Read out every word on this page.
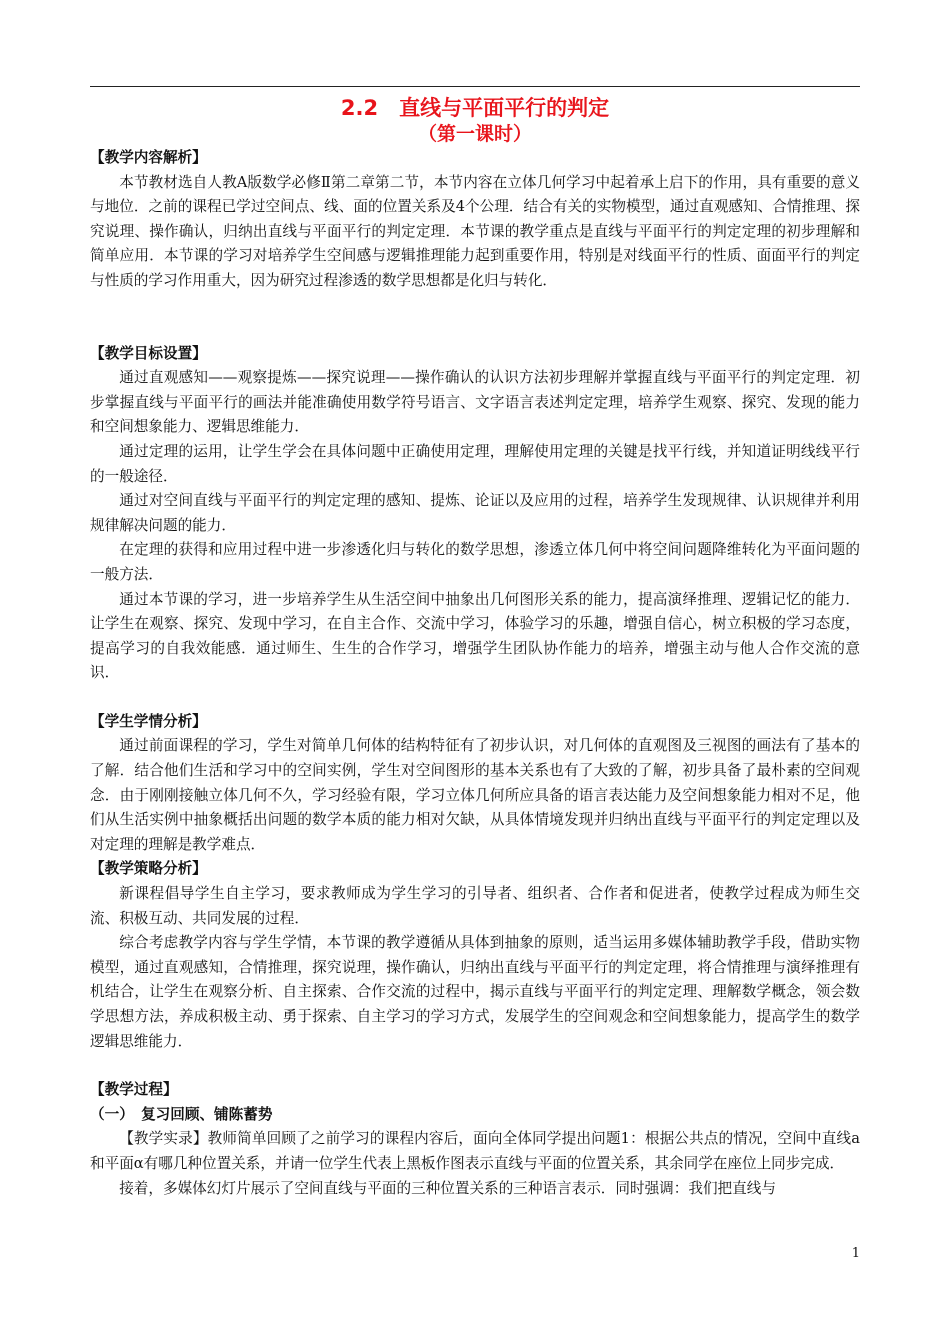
2.2　直线与平面平行的判定
（第一课时）
【教学内容解析】

本节教材选自人教A版数学必修Ⅱ第二章第二节，本节内容在立体几何学习中起着承上启下的作用，具有重要的意义与地位．之前的课程已学过空间点、线、面的位置关系及4个公理．结合有关的实物模型，通过直观感知、合情推理、探究说理、操作确认，归纳出直线与平面平行的判定定理．本节课的教学重点是直线与平面平行的判定定理的初步理解和简单应用．本节课的学习对培养学生空间感与逻辑推理能力起到重要作用，特别是对线面平行的性质、面面平行的判定与性质的学习作用重大，因为研究过程渗透的数学思想都是化归与转化．

【教学目标设置】

通过直观感知——观察提炼——探究说理——操作确认的认识方法初步理解并掌握直线与平面平行的判定定理．初步掌握直线与平面平行的画法并能准确使用数学符号语言、文字语言表述判定定理，培养学生观察、探究、发现的能力和空间想象能力、逻辑思维能力．

通过定理的运用，让学生学会在具体问题中正确使用定理，理解使用定理的关键是找平行线，并知道证明线线平行的一般途径．

通过对空间直线与平面平行的判定定理的感知、提炼、论证以及应用的过程，培养学生发现规律、认识规律并利用规律解决问题的能力．

在定理的获得和应用过程中进一步渗透化归与转化的数学思想，渗透立体几何中将空间问题降维转化为平面问题的一般方法．

通过本节课的学习，进一步培养学生从生活空间中抽象出几何图形关系的能力，提高演绎推理、逻辑记忆的能力．让学生在观察、探究、发现中学习，在自主合作、交流中学习，体验学习的乐趣，增强自信心，树立积极的学习态度，提高学习的自我效能感．通过师生、生生的合作学习，增强学生团队协作能力的培养，增强主动与他人合作交流的意识．

【学生学情分析】

通过前面课程的学习，学生对简单几何体的结构特征有了初步认识，对几何体的直观图及三视图的画法有了基本的了解．结合他们生活和学习中的空间实例，学生对空间图形的基本关系也有了大致的了解，初步具备了最朴素的空间观念．由于刚刚接触立体几何不久，学习经验有限，学习立体几何所应具备的语言表达能力及空间想象能力相对不足，他们从生活实例中抽象概括出问题的数学本质的能力相对欠缺，从具体情境发现并归纳出直线与平面平行的判定定理以及对定理的理解是教学难点．

【教学策略分析】

新课程倡导学生自主学习，要求教师成为学生学习的引导者、组织者、合作者和促进者，使教学过程成为师生交流、积极互动、共同发展的过程．

综合考虑教学内容与学生学情，本节课的教学遵循从具体到抽象的原则，适当运用多媒体辅助教学手段，借助实物模型，通过直观感知，合情推理，探究说理，操作确认，归纳出直线与平面平行的判定定理，将合情推理与演绎推理有机结合，让学生在观察分析、自主探索、合作交流的过程中，揭示直线与平面平行的判定定理、理解数学概念，领会数学思想方法，养成积极主动、勇于探索、自主学习的学习方式，发展学生的空间观念和空间想象能力，提高学生的数学逻辑思维能力．

【教学过程】
（一）　复习回顾、铺陈蓄势

【教学实录】教师简单回顾了之前学习的课程内容后，面向全体同学提出问题1：根据公共点的情况，空间中直线a和平面α有哪几种位置关系，并请一位学生代表上黑板作图表示直线与平面的位置关系，其余同学在座位上同步完成．

接着，多媒体幻灯片展示了空间直线与平面的三种位置关系的三种语言表示．同时强调：我们把直线与

1
